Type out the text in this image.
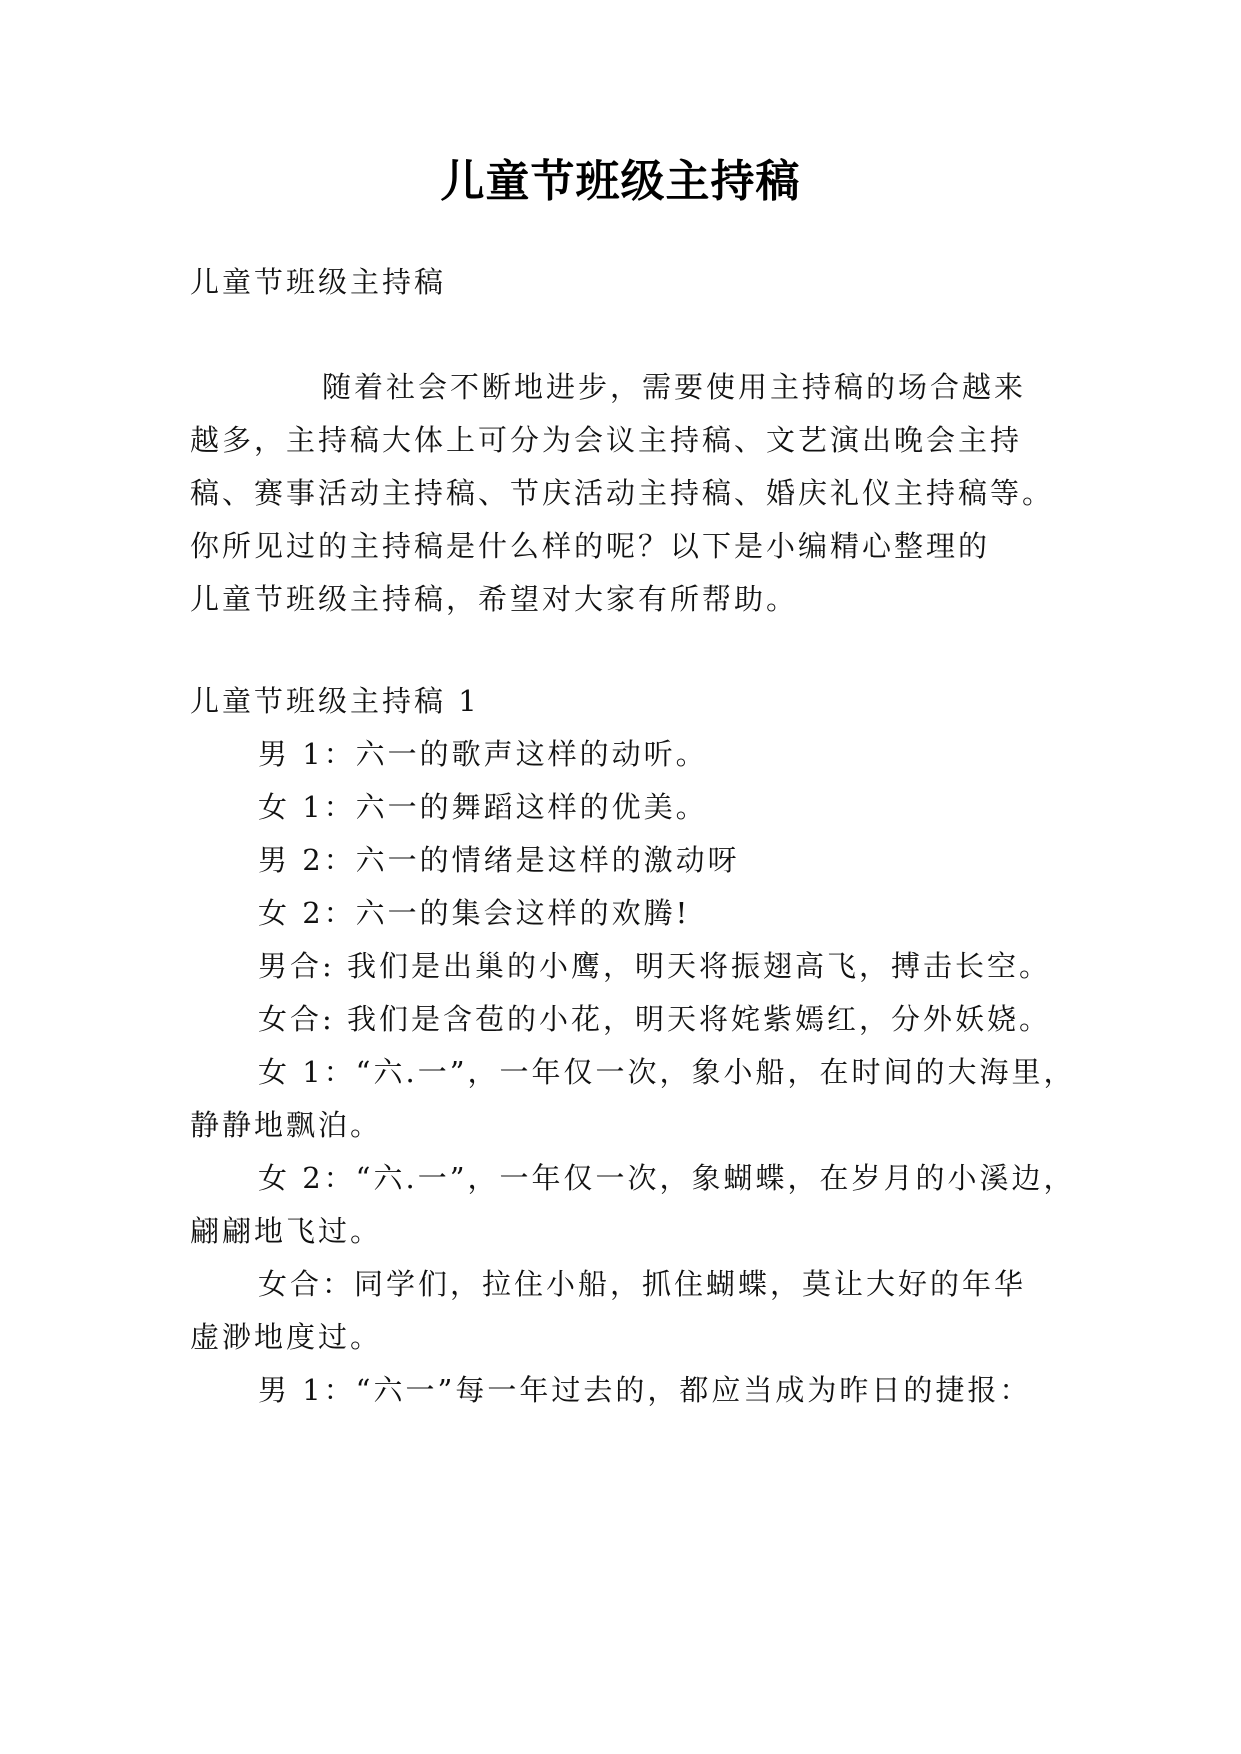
儿童节班级主持稿
儿童节班级主持稿
随着社会不断地进步，需要使用主持稿的场合越来
越多，主持稿大体上可分为会议主持稿、文艺演出晚会主持
稿、赛事活动主持稿、节庆活动主持稿、婚庆礼仪主持稿等。
你所见过的主持稿是什么样的呢？以下是小编精心整理的
儿童节班级主持稿，希望对大家有所帮助。
儿童节班级主持稿 1
男 1：六一的歌声这样的动听。
女 1：六一的舞蹈这样的优美。
男 2：六一的情绪是这样的激动呀
女 2：六一的集会这样的欢腾!
男合: 我们是出巢的小鹰，明天将振翅高飞，搏击长空。
女合: 我们是含苞的小花，明天将姹紫嫣红，分外妖娆。
女 1：“六.一”，一年仅一次，象小船，在时间的大海里，
静静地飘泊。
女 2：“六.一”，一年仅一次，象蝴蝶，在岁月的小溪边，
翩翩地飞过。
女合：同学们，拉住小船，抓住蝴蝶，莫让大好的年华
虚渺地度过。
男 1：“六一”每一年过去的，都应当成为昨日的捷报：
